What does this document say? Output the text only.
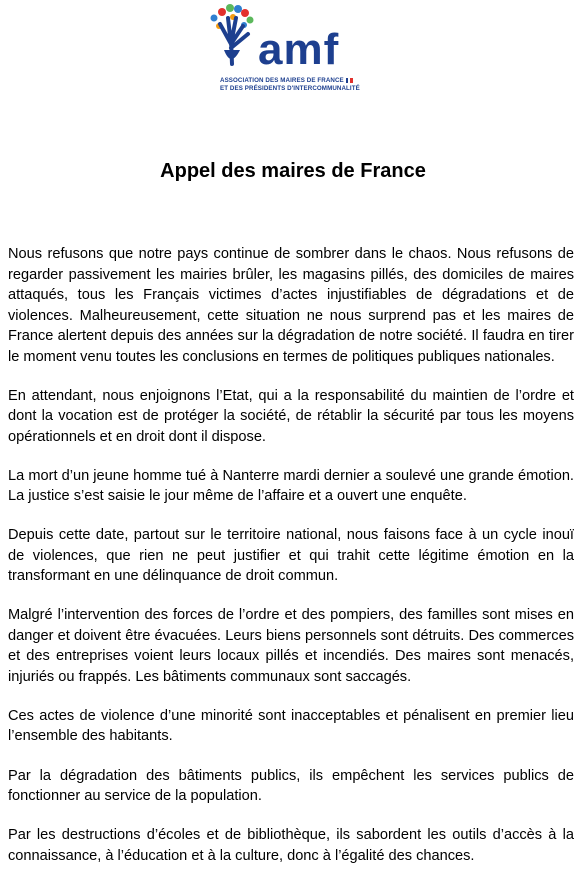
amf
ASSOCIATION DES MAIRES DE FRANCE
ET DES PRÉSIDENTS D'INTERCOMMUNALITÉ
Appel des maires de France

Nous refusons que notre pays continue de sombrer dans le chaos. Nous refusons de regarder passivement les mairies brûler, les magasins pillés, des domiciles de maires attaqués, tous les Français victimes d’actes injustifiables de dégradations et de violences. Malheureusement, cette situation ne nous surprend pas et les maires de France alertent depuis des années sur la dégradation de notre société. Il faudra en tirer le moment venu toutes les conclusions en termes de politiques publiques nationales.

En attendant, nous enjoignons l’Etat, qui a la responsabilité du maintien de l’ordre et dont la vocation est de protéger la société, de rétablir la sécurité par tous les moyens opérationnels et en droit dont il dispose.

La mort d’un jeune homme tué à Nanterre mardi dernier a soulevé une grande émotion. La justice s’est saisie le jour même de l’affaire et a ouvert une enquête.

Depuis cette date, partout sur le territoire national, nous faisons face à un cycle inouï de violences, que rien ne peut justifier et qui trahit cette légitime émotion en la transformant en une délinquance de droit commun.

Malgré l’intervention des forces de l’ordre et des pompiers, des familles sont mises en danger et doivent être évacuées. Leurs biens personnels sont détruits. Des commerces et des entreprises voient leurs locaux pillés et incendiés. Des maires sont menacés, injuriés ou frappés. Les bâtiments communaux sont saccagés.

Ces actes de violence d’une minorité sont inacceptables et pénalisent en premier lieu l’ensemble des habitants.

Par la dégradation des bâtiments publics, ils empêchent les services publics de fonctionner au service de la population.

Par les destructions d’écoles et de bibliothèque, ils sabordent les outils d’accès à la connaissance, à l’éducation et à la culture, donc à l’égalité des chances.
